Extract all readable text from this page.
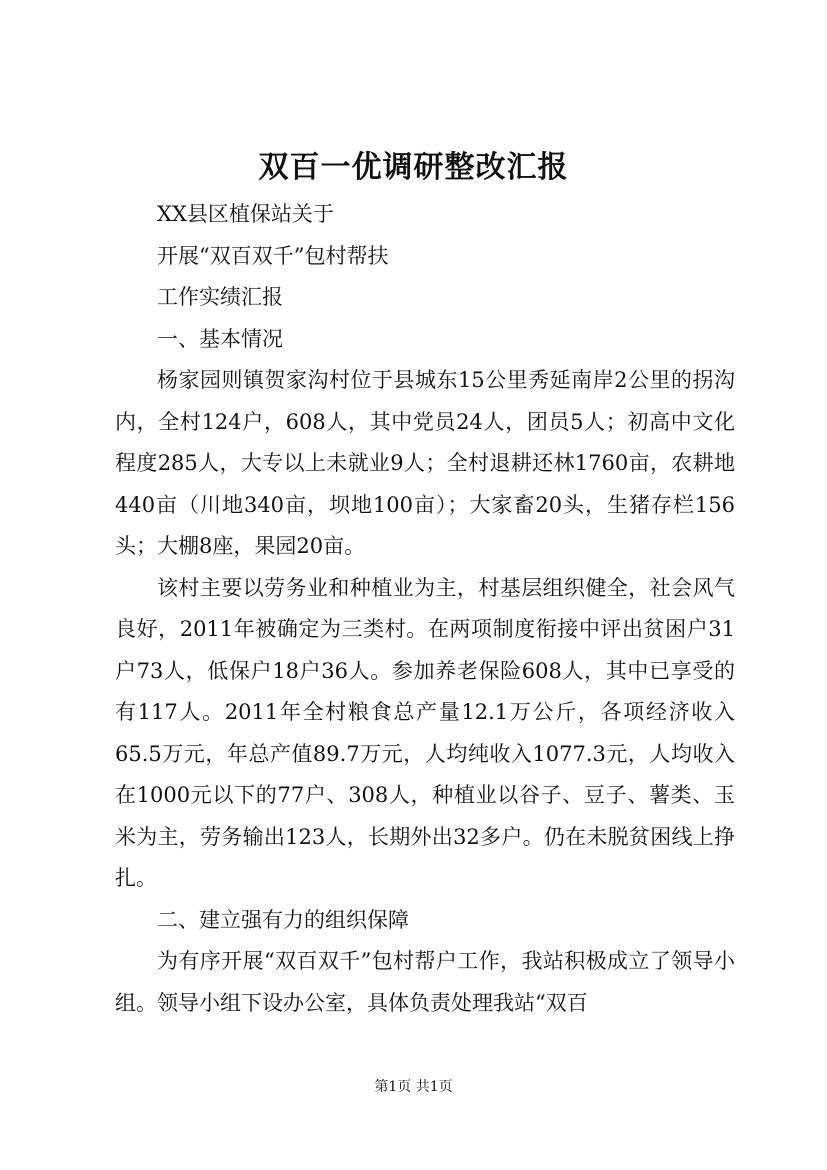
双百一优调研整改汇报

XX县区植保站关于

开展“双百双千”包村帮扶

工作实绩汇报

一、基本情况

杨家园则镇贺家沟村位于县城东15公里秀延南岸2公里的拐沟内，全村124户，608人，其中党员24人，团员5人；初高中文化程度285人，大专以上未就业9人；全村退耕还林1760亩，农耕地440亩（川地340亩，坝地100亩）；大家畜20头，生猪存栏156头；大棚8座，果园20亩。

该村主要以劳务业和种植业为主，村基层组织健全，社会风气良好，2011年被确定为三类村。在两项制度衔接中评出贫困户31户73人，低保户18户36人。参加养老保险608人，其中已享受的有117人。2011年全村粮食总产量12.1万公斤，各项经济收入65.5万元，年总产值89.7万元，人均纯收入1077.3元，人均收入在1000元以下的77户、308人，种植业以谷子、豆子、薯类、玉米为主，劳务输出123人，长期外出32多户。仍在未脱贫困线上挣扎。

二、建立强有力的组织保障

为有序开展“双百双千”包村帮户工作，我站积极成立了领导小组。领导小组下设办公室，具体负责处理我站“双百

第1页 共1页
